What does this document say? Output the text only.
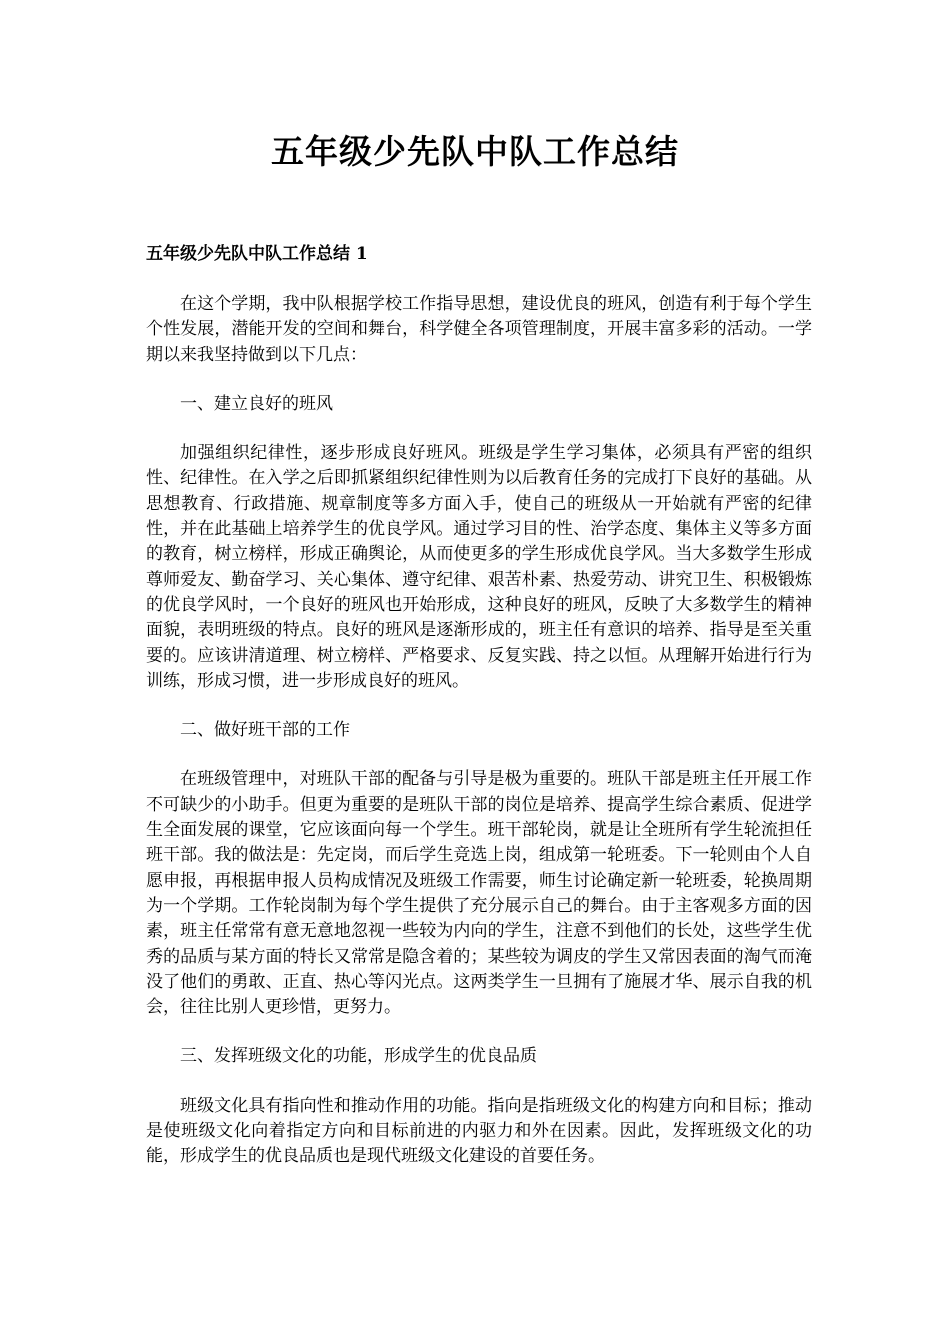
五年级少先队中队工作总结
五年级少先队中队工作总结 1

在这个学期，我中队根据学校工作指导思想，建设优良的班风，创造有利于每个学生个性发展，潜能开发的空间和舞台，科学健全各项管理制度，开展丰富多彩的活动。一学期以来我坚持做到以下几点：

一、建立良好的班风

加强组织纪律性，逐步形成良好班风。班级是学生学习集体，必须具有严密的组织性、纪律性。在入学之后即抓紧组织纪律性则为以后教育任务的完成打下良好的基础。从思想教育、行政措施、规章制度等多方面入手，使自己的班级从一开始就有严密的纪律性，并在此基础上培养学生的优良学风。通过学习目的性、治学态度、集体主义等多方面的教育，树立榜样，形成正确舆论，从而使更多的学生形成优良学风。当大多数学生形成尊师爱友、勤奋学习、关心集体、遵守纪律、艰苦朴素、热爱劳动、讲究卫生、积极锻炼的优良学风时，一个良好的班风也开始形成，这种良好的班风，反映了大多数学生的精神面貌，表明班级的特点。良好的班风是逐渐形成的，班主任有意识的培养、指导是至关重要的。应该讲清道理、树立榜样、严格要求、反复实践、持之以恒。从理解开始进行行为训练，形成习惯，进一步形成良好的班风。

二、做好班干部的工作

在班级管理中，对班队干部的配备与引导是极为重要的。班队干部是班主任开展工作不可缺少的小助手。但更为重要的是班队干部的岗位是培养、提高学生综合素质、促进学生全面发展的课堂，它应该面向每一个学生。班干部轮岗，就是让全班所有学生轮流担任班干部。我的做法是：先定岗，而后学生竞选上岗，组成第一轮班委。下一轮则由个人自愿申报，再根据申报人员构成情况及班级工作需要，师生讨论确定新一轮班委，轮换周期为一个学期。工作轮岗制为每个学生提供了充分展示自己的舞台。由于主客观多方面的因素，班主任常常有意无意地忽视一些较为内向的学生，注意不到他们的长处，这些学生优秀的品质与某方面的特长又常常是隐含着的；某些较为调皮的学生又常因表面的淘气而淹没了他们的勇敢、正直、热心等闪光点。这两类学生一旦拥有了施展才华、展示自我的机会，往往比别人更珍惜，更努力。

三、发挥班级文化的功能，形成学生的优良品质

班级文化具有指向性和推动作用的功能。指向是指班级文化的构建方向和目标；推动是使班级文化向着指定方向和目标前进的内驱力和外在因素。因此，发挥班级文化的功能，形成学生的优良品质也是现代班级文化建设的首要任务。
